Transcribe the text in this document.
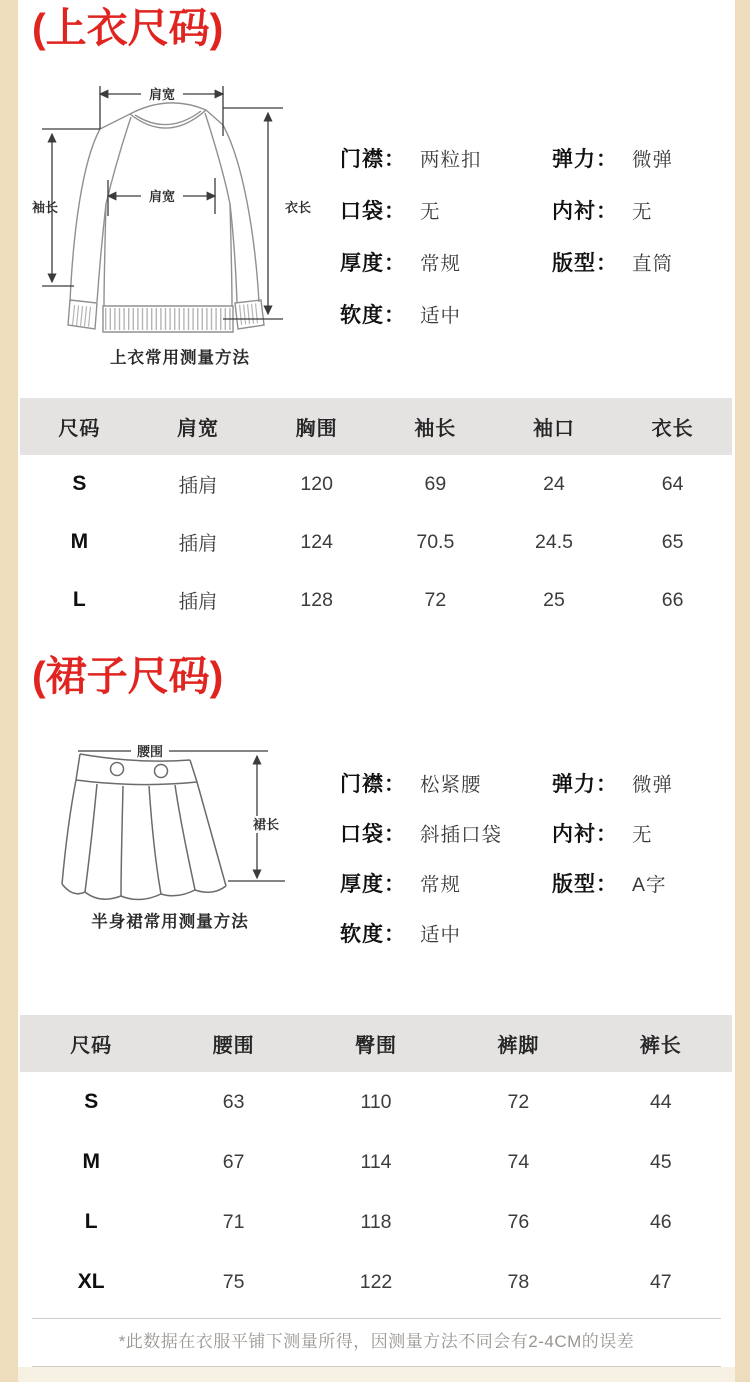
(上衣尺码)
肩宽
肩宽
袖长	衣长
上衣常用测量方法
门襟： 两粒扣	弹力： 微弹
口袋： 无	内衬： 无
厚度： 常规	版型： 直筒
软度： 适中
尺码	肩宽	胸围	袖长	袖口	衣长
S	插肩	120	69	24	64
M	插肩	124	70.5	24.5	65
L	插肩	128	72	25	66
(裙子尺码)
腰围
裙长
半身裙常用测量方法
门襟： 松紧腰	弹力： 微弹
口袋： 斜插口袋 内衬： 无
厚度： 常规	版型： A字
软度： 适中
尺码	腰围	臀围	裤脚	裤长
S	63	110	72	44
M	67	114	74	45
L	71	118	76	46
XL	75	122	78	47
*此数据在衣服平铺下测量所得，因测量方法不同会有2-4CM的误差
